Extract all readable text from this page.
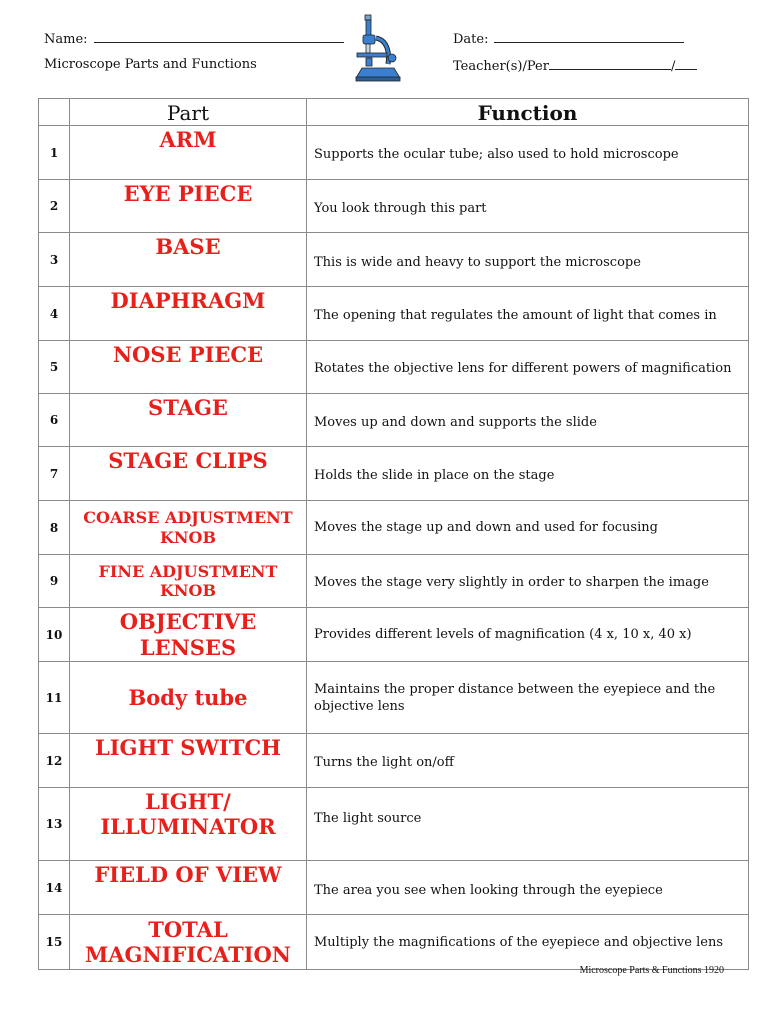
Name:
Microscope Parts and Functions
Date:
Teacher(s)/Per	/
	Part	Function
1	ARM	Supports the ocular tube; also used to hold microscope
2	EYE PIECE	You look through this part
3	BASE	This is wide and heavy to support the microscope
4	DIAPHRAGM	The opening that regulates the amount of light that comes in
5	NOSE PIECE	Rotates the objective lens for different powers of magnification
6	STAGE	Moves up and down and supports the slide
7	STAGE CLIPS	Holds the slide in place on the stage
8	COARSE ADJUSTMENT KNOB	Moves the stage up and down and used for focusing
9	FINE ADJUSTMENT KNOB	Moves the stage very slightly in order to sharpen the image
10	OBJECTIVE LENSES	Provides different levels of magnification (4 x, 10 x, 40 x)
11	Body tube	Maintains the proper distance between the eyepiece and the objective lens
12	LIGHT SWITCH	Turns the light on/off
13	LIGHT/ ILLUMINATOR	The light source
14	FIELD OF VIEW	The area you see when looking through the eyepiece
15	TOTAL MAGNIFICATION	Multiply the magnifications of the eyepiece and objective lens
Microscope Parts & Functions 1920
